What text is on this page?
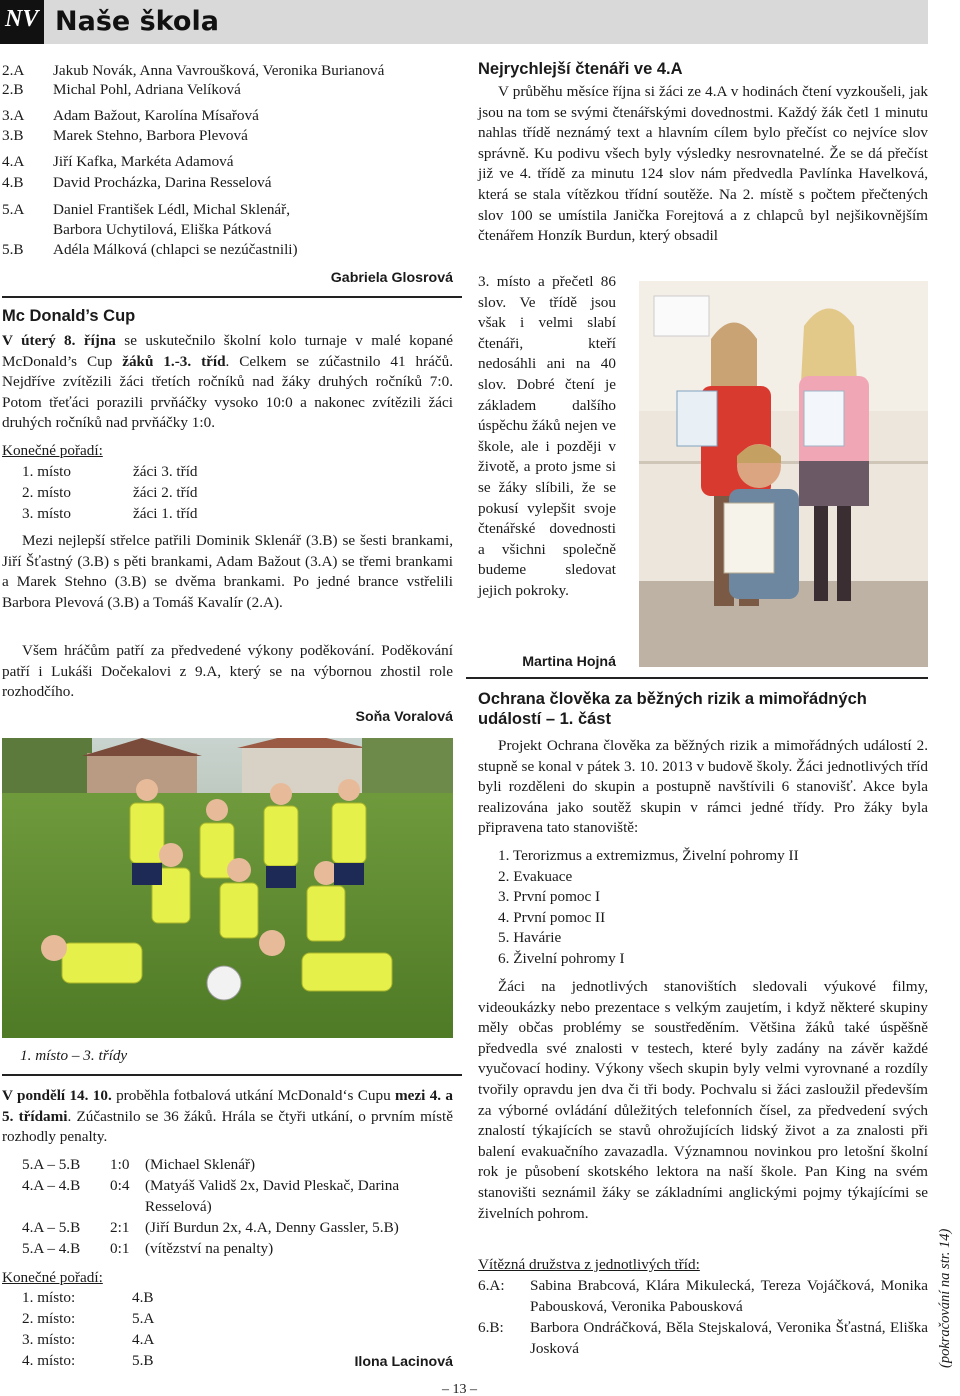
NV Naše škola
2.A Jakub Novák, Anna Vavroušková, Veronika Burianová
2.B Michal Pohl, Adriana Velíková
3.A Adam Bažout, Karolína Mísařová
3.B Marek Stehno, Barbora Plevová
4.A Jiří Kafka, Markéta Adamová
4.B David Procházka, Darina Resselová
5.A Daniel František Lédl, Michal Sklenář,
Barbora Uchytilová, Eliška Pátková
5.B Adéla Málková (chlapci se nezúčastnili)
Gabriela Glosrová
Mc Donald’s Cup
V úterý 8. října se uskutečnilo školní kolo turnaje v malé kopané McDonald’s Cup žáků 1.-3. tříd. Celkem se zúčastnilo 41 hráčů. Nejdříve zvítězili žáci třetích ročníků nad žáky druhých ročníků 7:0. Potom třeťáci porazili prvňáčky vysoko 10:0 a nakonec zvítězili žáci druhých ročníků nad prvňáčky 1:0.
Konečné pořadí:
1. místo	žáci 3. tříd
2. místo	žáci 2. tříd
3. místo	žáci 1. tříd
Mezi nejlepší střelce patřili Dominik Sklenář (3.B) se šesti brankami, Jiří Šťastný (3.B) s pěti brankami, Adam Bažout (3.A) se třemi brankami a Marek Stehno (3.B) se dvěma brankami. Po jedné brance vstřelili Barbora Plevová (3.B) a Tomáš Kavalír (2.A).
Všem hráčům patří za předvedené výkony poděkování. Poděkování patří i Lukáši Dočekalovi z 9.A, který se na výbornou zhostil role rozhodčího.
Soňa Voralová
1. místo – 3. třídy
V pondělí 14. 10. proběhla fotbalová utkání McDonald‘s Cupu mezi 4. a 5. třídami. Zúčastnilo se 36 žáků. Hrála se čtyři utkání, o prvním místě rozhodly penalty.
5.A – 5.B 1:0 (Michael Sklenář)
4.A – 4.B 0:4 (Matyáš Validš 2x, David Pleskač, Darina
Resselová)
4.A – 5.B 2:1 (Jiří Burdun 2x, 4.A, Denny Gassler, 5.B)
5.A – 4.B 0:1 (vítězství na penalty)
Konečné pořadí:
1. místo:	4.B
2. místo:	5.A
3. místo:	4.A
4. místo:	5.B	Ilona Lacinová
Nejrychlejší čtenáři ve 4.A
V průběhu měsíce října si žáci ze 4.A v hodinách čtení vyzkoušeli, jak jsou na tom se svými čtenářskými dovednostmi. Každý žák četl 1 minutu nahlas třídě neznámý text a hlavním cílem bylo přečíst co nejvíce slov správně. Ku podivu všech byly výsledky nesrovnatelné. Že se dá přečíst již ve 4. třídě za minutu 124 slov nám předvedla Pavlínka Havelková, která se stala vítězkou třídní soutěže. Na 2. místě s počtem přečtených slov 100 se umístila Janička Forejtová a z chlapců byl nejšikovnějším čtenářem Honzík Burdun, který obsadil
3. místo a přečetl 86 slov. Ve třídě jsou však i velmi slabí čtenáři, kteří nedosáhli ani na 40 slov. Dobré čtení je základem dalšího úspěchu žáků nejen ve škole, ale i později v životě, a proto jsme si se žáky slíbili, že se pokusí vylepšit svoje čtenářské dovednosti a všichni společně budeme sledovat jejich pokroky.
Martina Hojná
Ochrana člověka za běžných rizik a mimořádných událostí – 1. část
Projekt Ochrana člověka za běžných rizik a mimořádných událostí 2. stupně se konal v pátek 3. 10. 2013 v budově školy. Žáci jednotlivých tříd byli rozděleni do skupin a postupně navštívili 6 stanovišť. Akce byla realizována jako soutěž skupin v rámci jedné třídy. Pro žáky byla připravena tato stanoviště:
1. Terorizmus a extremizmus, Živelní pohromy II
2. Evakuace
3. První pomoc I
4. První pomoc II
5. Havárie
6. Živelní pohromy I
Žáci na jednotlivých stanovištích sledovali výukové filmy, videoukázky nebo prezentace s velkým zaujetím, i když některé skupiny měly občas problémy se soustředěním. Většina žáků také úspěšně předvedla své znalosti v testech, které byly zadány na závěr každé vyučovací hodiny. Výkony všech skupin byly velmi vyrovnané a rozdíly tvořily opravdu jen dva či tři body. Pochvalu si žáci zasloužil především za výborné ovládání důležitých telefonních čísel, za předvedení svých znalostí týkajících se stavů ohrožujících lidský život a za znalosti při balení evakuačního zavazadla. Významnou novinkou pro letošní školní rok je působení skotského lektora na naší škole. Pan King na svém stanovišti seznámil žáky se základními anglickými pojmy týkajícími se živelních pohrom.
Vítězná družstva z jednotlivých tříd:
6.A: Sabina Brabcová, Klára Mikulecká, Tereza Vojáčková, Monika Pabousková, Veronika Pabousková
6.B: Barbora Ondráčková, Běla Stejskalová, Veronika Šťastná, Eliška Josková	(pokračování na str. 14)
– 13 –
